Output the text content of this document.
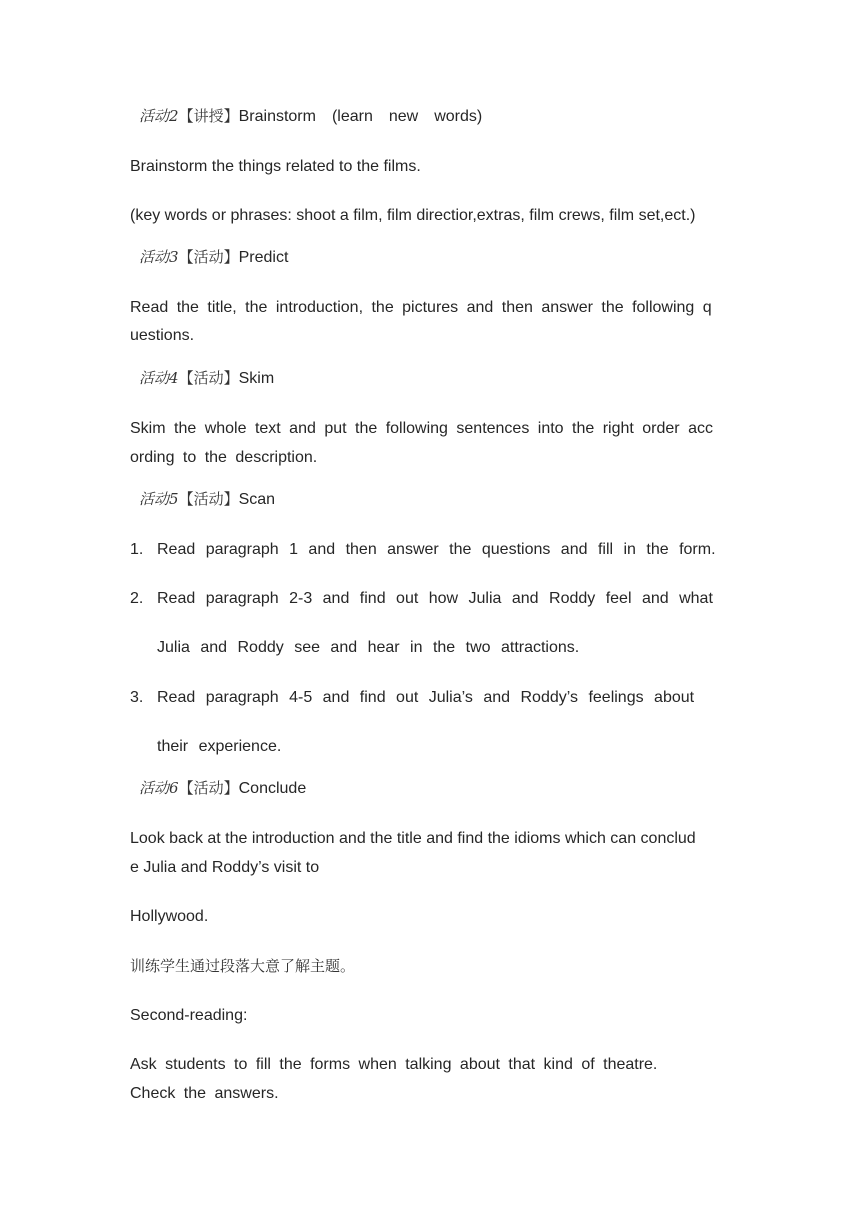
活动2【讲授】Brainstorm　(learn　new　words)
Brainstorm the things related to the films.
(key words or phrases: shoot a film, film directior,extras, film crews, film set,ect.)
活动3【活动】Predict
Read the title, the introduction, the pictures and then answer the following q
uestions.
活动4【活动】Skim
Skim the whole text and put the following sentences into the right order acc
ording to the description.
活动5【活动】Scan
1. Read paragraph 1 and then answer the questions and fill in the form.
2. Read paragraph 2-3 and find out how Julia and Roddy feel and what
Julia and Roddy see and hear in the two attractions.
3. Read paragraph 4-5 and find out Julia’s and Roddy’s feelings about
their experience.
活动6【活动】Conclude
Look back at the introduction and the title and find the idioms which can conclud
e Julia and Roddy’s visit to
Hollywood.
训练学生通过段落大意了解主题。
Second-reading:
Ask students to fill the forms when talking about that kind of theatre.
Check the answers.
